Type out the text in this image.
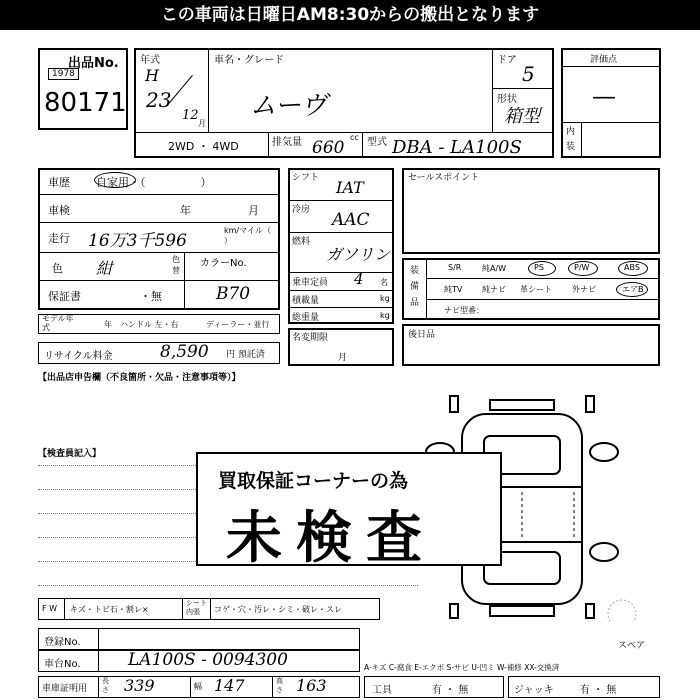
この車両は日曜日AM8:30からの搬出となります
出品No.
1978
80171
年式
H
23
12
月
車名・グレード
ムーヴ
ドア
5
形状
箱型
2WD ・ 4WD	排気量 660
cc 型式 DBA - LA100S
評価点
—
内装
車歴 自家用・（　　　　　）
車検	年	月
走行 16万3千596
km/マイル（ ）
色 紺	色替
カラーNo.
保証書	・無	B70
モデル年式	年 ハンドル 左・右	ディーラー・並行
リサイクル料金	8,590 円 預託済
シフト IAT
冷房 AAC
燃料
ガソリン
乗車定員 4 名
積載量	kg
総重量	kg
名変期限
月
セールスポイント
装備品
S/R	純A/W	PS	P/W	ABS
純TV 純ナビ 革シート	外ナビ	エアB
ナビ型番：
後日品
【出品店申告欄（不良箇所・欠品・注意事項等）】
【検査員記入】
スペア
買取保証コーナーの為
未検査
F W キズ・トビ石・割レ×
シート内張	コゲ・穴・汚レ・シミ・破レ・スレ
登録No.
車台No.	LA100S - 0094300	A-キズ C-腐食 E-エクボ S-サビ U-凹ミ W-補修 XX-交換済
車庫証明用
長さ 339	幅 147	高さ 163	工具	有 ・ 無	ジャッキ	有 ・ 無
